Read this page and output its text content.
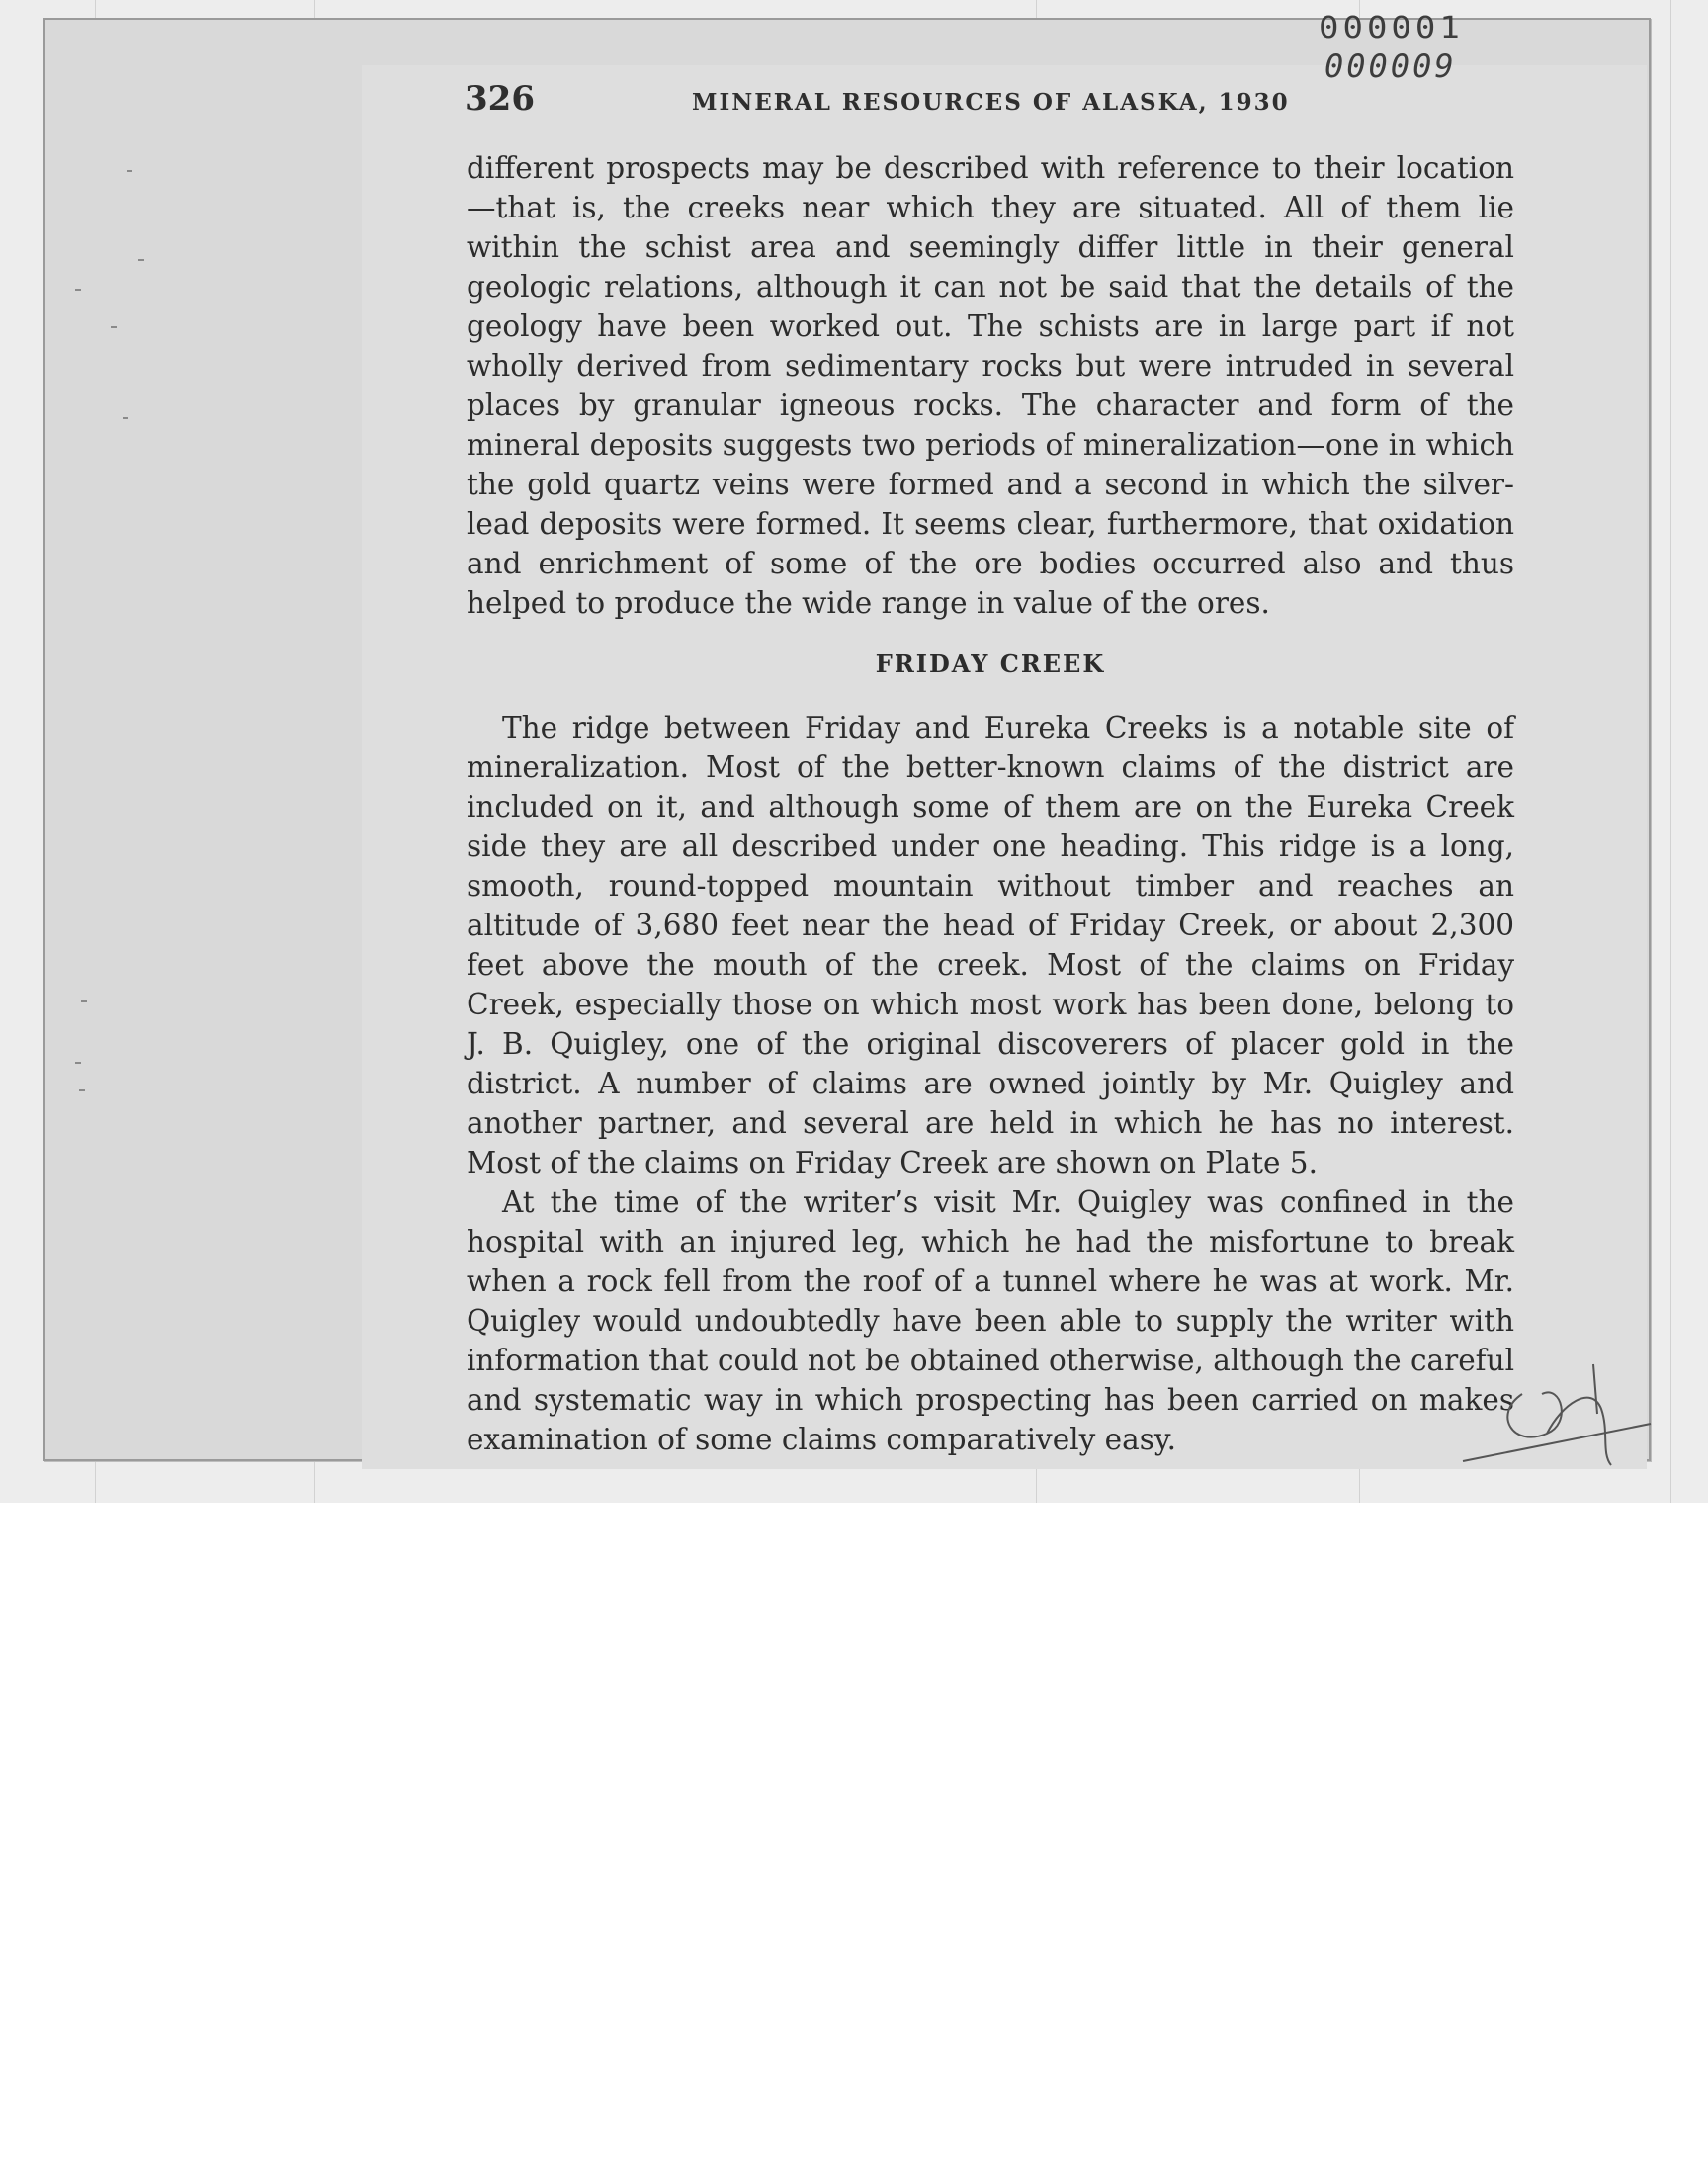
326	MINERAL RESOURCES OF ALASKA, 1930
000001
000009

different prospects may be described with reference to their location—that is, the creeks near which they are situated. All of them lie within the schist area and seemingly differ little in their general geologic relations, although it can not be said that the details of the geology have been worked out. The schists are in large part if not wholly derived from sedimentary rocks but were intruded in several places by granular igneous rocks. The character and form of the mineral deposits suggests two periods of mineralization—one in which the gold quartz veins were formed and a second in which the silver-lead deposits were formed. It seems clear, furthermore, that oxidation and enrichment of some of the ore bodies occurred also and thus helped to produce the wide range in value of the ores.

FRIDAY CREEK

The ridge between Friday and Eureka Creeks is a notable site of mineralization. Most of the better-known claims of the district are included on it, and although some of them are on the Eureka Creek side they are all described under one heading. This ridge is a long, smooth, round-topped mountain without timber and reaches an altitude of 3,680 feet near the head of Friday Creek, or about 2,300 feet above the mouth of the creek. Most of the claims on Friday Creek, especially those on which most work has been done, belong to J. B. Quigley, one of the original discoverers of placer gold in the district. A number of claims are owned jointly by Mr. Quigley and another partner, and several are held in which he has no interest. Most of the claims on Friday Creek are shown on Plate 5.

At the time of the writer’s visit Mr. Quigley was confined in the hospital with an injured leg, which he had the misfortune to break when a rock fell from the roof of a tunnel where he was at work. Mr. Quigley would undoubtedly have been able to supply the writer with information that could not be obtained otherwise, although the careful and systematic way in which prospecting has been carried on makes examination of some claims comparatively easy.
